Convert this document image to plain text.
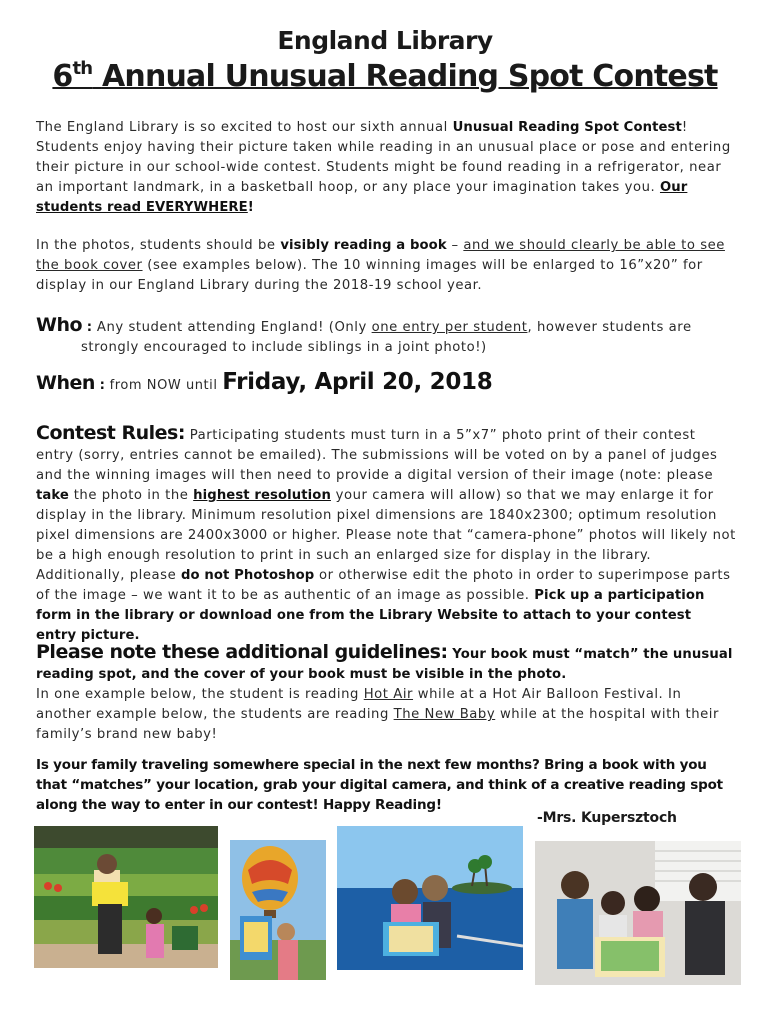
England Library
6th Annual Unusual Reading Spot Contest

The England Library is so excited to host our sixth annual Unusual Reading Spot Contest! Students enjoy having their picture taken while reading in an unusual place or pose and entering their picture in our school-wide contest. Students might be found reading in a refrigerator, near an important landmark, in a basketball hoop, or any place your imagination takes you. Our students read EVERYWHERE!

In the photos, students should be visibly reading a book – and we should clearly be able to see the book cover (see examples below). The 10 winning images will be enlarged to 16”x20” for display in our England Library during the 2018-19 school year.

Who : Any student attending England! (Only one entry per student, however students are
strongly encouraged to include siblings in a joint photo!)

When : from NOW until Friday, April 20, 2018

Contest Rules: Participating students must turn in a 5”x7” photo print of their contest entry (sorry, entries cannot be emailed). The submissions will be voted on by a panel of judges and the winning images will then need to provide a digital version of their image (note: please take the photo in the highest resolution your camera will allow) so that we may enlarge it for display in the library. Minimum resolution pixel dimensions are 1840x2300; optimum resolution pixel dimensions are 2400x3000 or higher. Please note that “camera-phone” photos will likely not be a high enough resolution to print in such an enlarged size for display in the library. Additionally, please do not Photoshop or otherwise edit the photo in order to superimpose parts of the image – we want it to be as authentic of an image as possible. Pick up a participation form in the library or download one from the Library Website to attach to your contest entry picture.

Please note these additional guidelines: Your book must “match” the unusual reading spot, and the cover of your book must be visible in the photo.
In one example below, the student is reading Hot Air while at a Hot Air Balloon Festival. In another example below, the students are reading The New Baby while at the hospital with their family’s brand new baby!

Is your family traveling somewhere special in the next few months? Bring a book with you that “matches” your location, grab your digital camera, and think of a creative reading spot along the way to enter in our contest! Happy Reading!

-Mrs. Kupersztoch
